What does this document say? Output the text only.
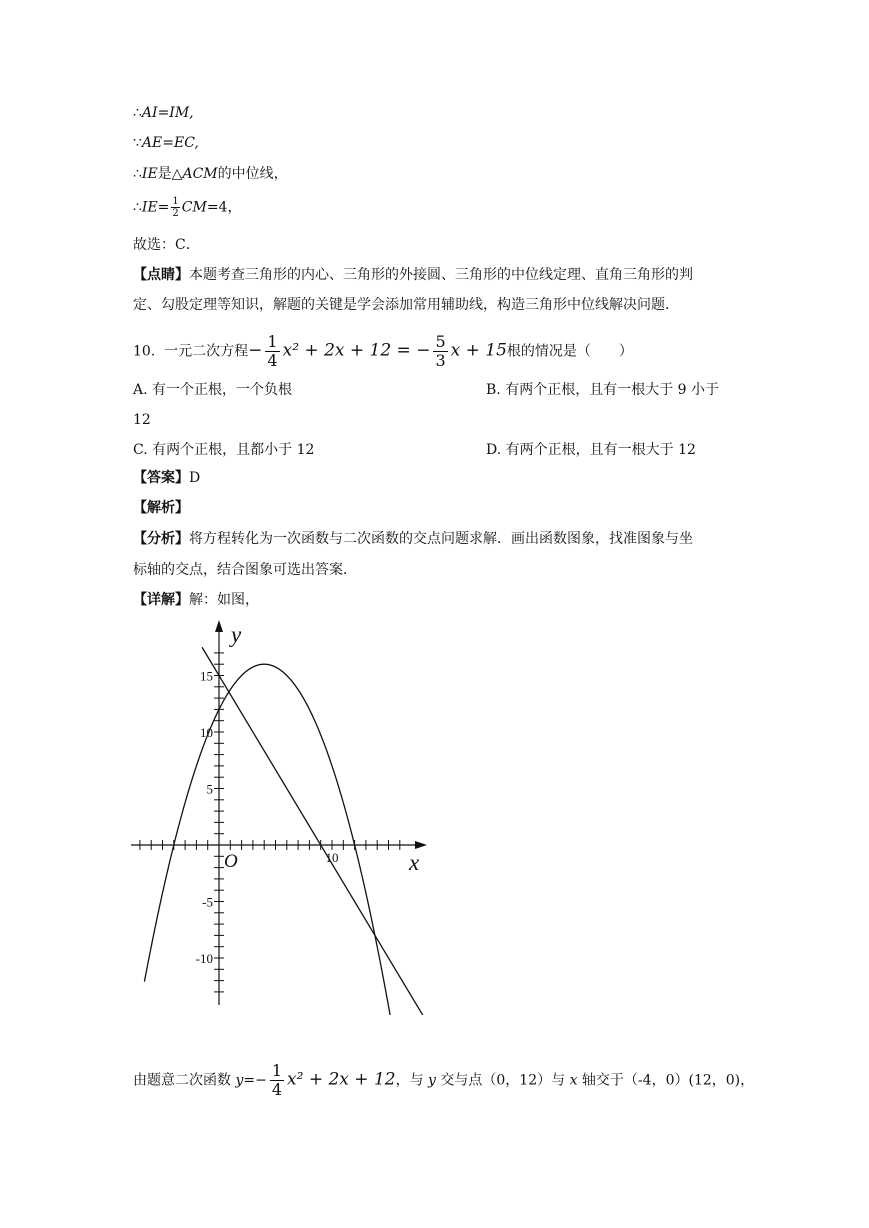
∴AI=IM,
∵AE=EC,
∴IE是△ACM的中位线，
∴IE= $\frac{1}{2} CM=4$，
故选：C．
【点睛】本题考查三角形的内心、三角形的外接圆、三角形的中位线定理、直角三角形的判
定、勾股定理等知识，解题的关键是学会添加常用辅助线，构造三角形中位线解决问题．
10. 一元二次方程− $\frac{1}{4} x^2 + 2x + 12$ = − $\frac{5}{3}$ x + 15根的情况是（　　）
A. 有一个正根，一个负根	B. 有两个正根，且有一根大于 9 小于
12
C. 有两个正根，且都小于 12	D. 有两个正根，且有一根大于 12
【答案】D
【解析】
【分析】将方程转化为一次函数与二次函数的交点问题求解．画出函数图象，找准图象与坐
标轴的交点，结合图象可选出答案．
【详解】解：如图，
15
10
5
-5
-10
10
O	x
y
由题意二次函数 $y=- \frac{1}{4} x^2 + 2x + 12$，与 y 交与点（0，12）与 x 轴交于（-4，0）(12，0)，
